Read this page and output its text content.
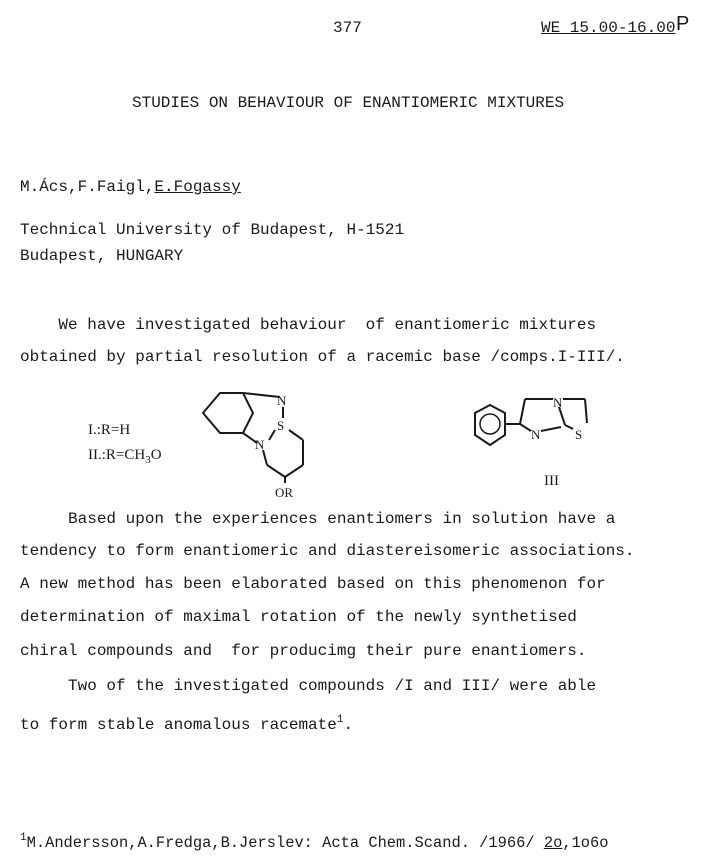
377	WE 15.00-16.00 P
STUDIES ON BEHAVIOUR OF ENANTIOMERIC MIXTURES
M.Ács,F.Faigl,E.Fogassy
Technical University of Budapest, H-1521
Budapest, HUNGARY
We have investigated behaviour  of enantiomeric mixtures
obtained by partial resolution of a racemic base /comps.I-III/.
I.:R=H
$II.:R=CH_3O$
N
S
N
OR
N
N	S
III
Based upon the experiences enantiomers in solution have a
tendency to form enantiomeric and diastereisomeric associations.
A new method has been elaborated based on this phenomenon for
determination of maximal rotation of the newly synthetised
chiral compounds and  for producimg their pure enantiomers.
Two of the investigated compounds /I and III/ were able
to form stable anomalous racemate$^1$.
$^1$M.Andersson,A.Fredga,B.Jerslev: Acta Chem.Scand. /1966/ 2o,1o6o
